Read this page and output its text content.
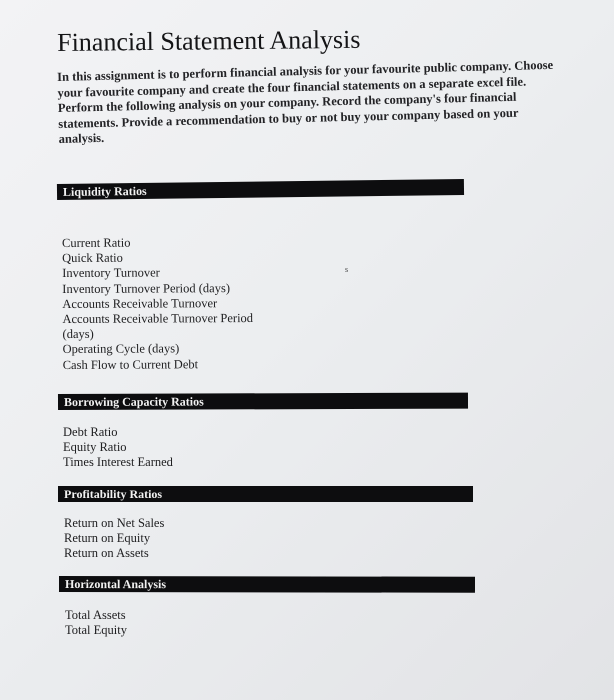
Financial Statement Analysis

In this assignment is to perform financial analysis for your favourite public company. Choose your favourite company and create the four financial statements on a separate excel file. Perform the following analysis on your company. Record the company's four financial statements. Provide a recommendation to buy or not buy your company based on your analysis.

Liquidity Ratios
Current Ratio
Quick Ratio
Inventory Turnover
Inventory Turnover Period (days)
Accounts Receivable Turnover
Accounts Receivable Turnover Period
(days)
Operating Cycle (days)
Cash Flow to Current Debt
s
Borrowing Capacity Ratios
Debt Ratio
Equity Ratio
Times Interest Earned
Profitability Ratios
Return on Net Sales
Return on Equity
Return on Assets
Horizontal Analysis
Total Assets
Total Equity
